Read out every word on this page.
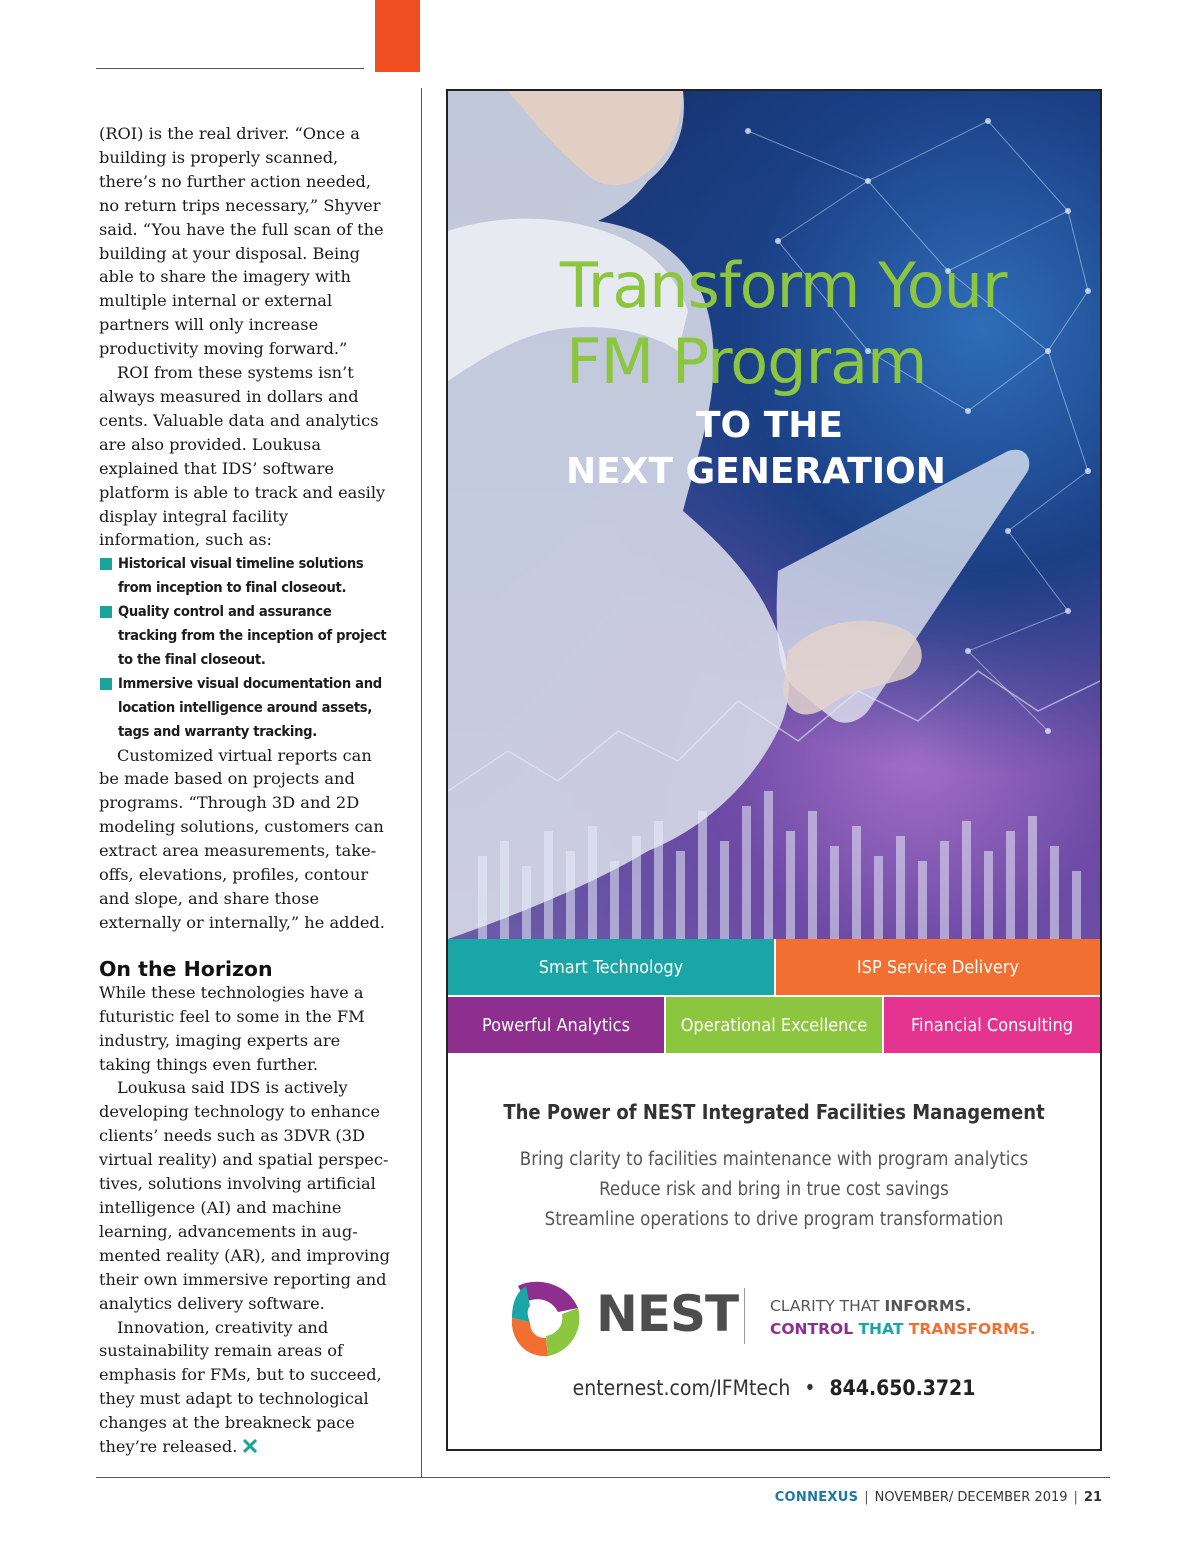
(ROI) is the real driver. “Once a building is properly scanned, there’s no further action needed, no return trips necessary,” Shyver said. “You have the full scan of the building at your disposal. Being able to share the imagery with multiple internal or external partners will only increase productivity moving forward.”

ROI from these systems isn’t always measured in dollars and cents. Valuable data and analytics are also provided. Loukusa explained that IDS’ software platform is able to track and easily display integral facility information, such as:

Historical visual timeline solutions from inception to final closeout.
Quality control and assurance tracking from the inception of project to the final closeout.
Immersive visual documentation and location intelligence around assets, tags and warranty tracking.

Customized virtual reports can be made based on projects and programs. “Through 3D and 2D modeling solutions, customers can extract area measurements, take-offs, elevations, profiles, contour and slope, and share those externally or internally,” he added.

On the Horizon

While these technologies have a futuristic feel to some in the FM industry, imaging experts are taking things even further.

Loukusa said IDS is actively developing technology to enhance clients’ needs such as 3DVR (3D virtual reality) and spatial perspec-tives, solutions involving artificial intelligence (AI) and machine learning, advancements in aug-mented reality (AR), and improving their own immersive reporting and analytics delivery software.

Innovation, creativity and sustainability remain areas of emphasis for FMs, but to succeed, they must adapt to technological changes at the breakneck pace they’re released.

Transform Your
FM Program
TO THE
NEXT GENERATION
Smart Technology	ISP Service Delivery
Powerful Analytics	Operational Excellence	Financial Consulting
The Power of NEST Integrated Facilities Management
Bring clarity to facilities maintenance with program analytics
Reduce risk and bring in true cost savings
Streamline operations to drive program transformation
NEST CLARITY THAT INFORMS.
CONTROL THAT TRANSFORMS.
enternest.com/IFMtech • 844.650.3721
CONNEXUS | NOVEMBER/ DECEMBER 2019 | 21
